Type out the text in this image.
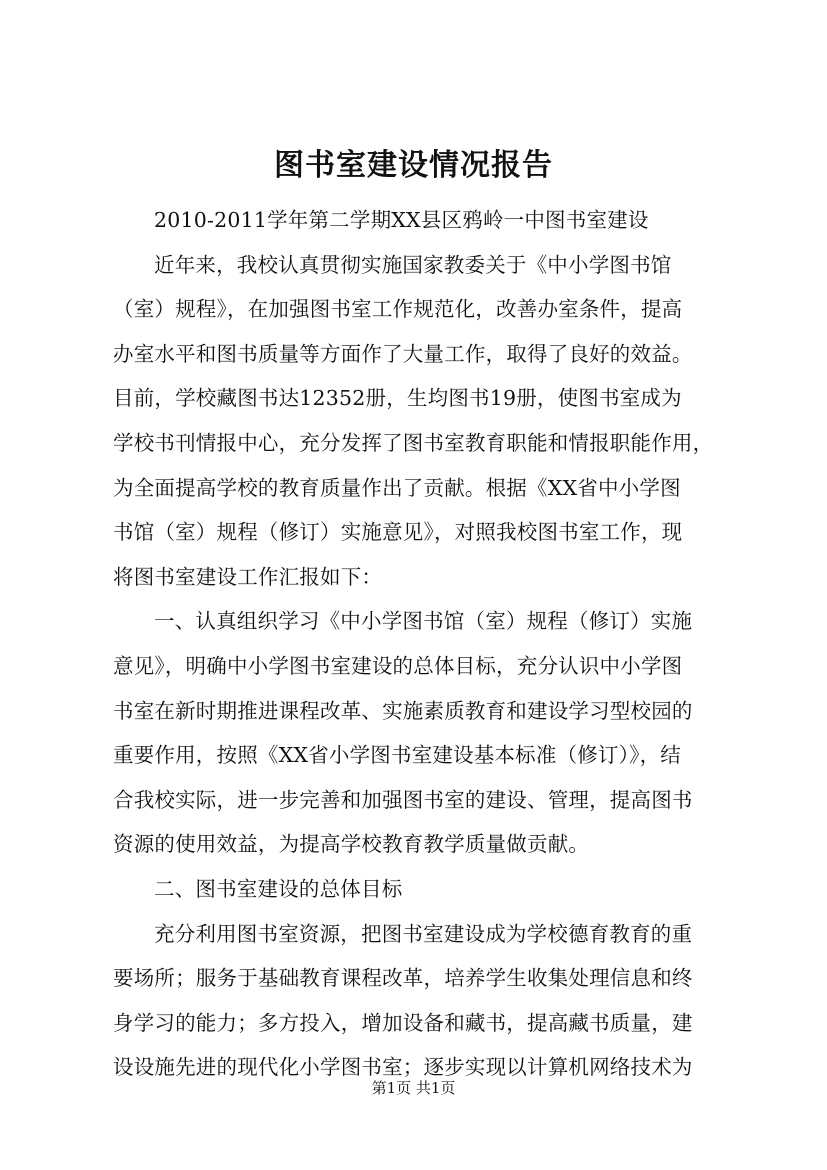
图书室建设情况报告
2010-2011学年第二学期XX县区鸦岭一中图书室建设
近年来，我校认真贯彻实施国家教委关于《中小学图书馆
（室）规程》，在加强图书室工作规范化，改善办室条件，提高
办室水平和图书质量等方面作了大量工作，取得了良好的效益。
目前，学校藏图书达12352册，生均图书19册，使图书室成为
学校书刊情报中心，充分发挥了图书室教育职能和情报职能作用，
为全面提高学校的教育质量作出了贡献。根据《XX省中小学图
书馆（室）规程（修订）实施意见》，对照我校图书室工作，现
将图书室建设工作汇报如下：
一、认真组织学习《中小学图书馆（室）规程（修订）实施
意见》，明确中小学图书室建设的总体目标，充分认识中小学图
书室在新时期推进课程改革、实施素质教育和建设学习型校园的
重要作用，按照《XX省小学图书室建设基本标准（修订）》，结
合我校实际，进一步完善和加强图书室的建设、管理，提高图书
资源的使用效益，为提高学校教育教学质量做贡献。
二、图书室建设的总体目标
充分利用图书室资源，把图书室建设成为学校德育教育的重
要场所；服务于基础教育课程改革，培养学生收集处理信息和终
身学习的能力；多方投入，增加设备和藏书，提高藏书质量，建
设设施先进的现代化小学图书室；逐步实现以计算机网络技术为
第1页 共1页
